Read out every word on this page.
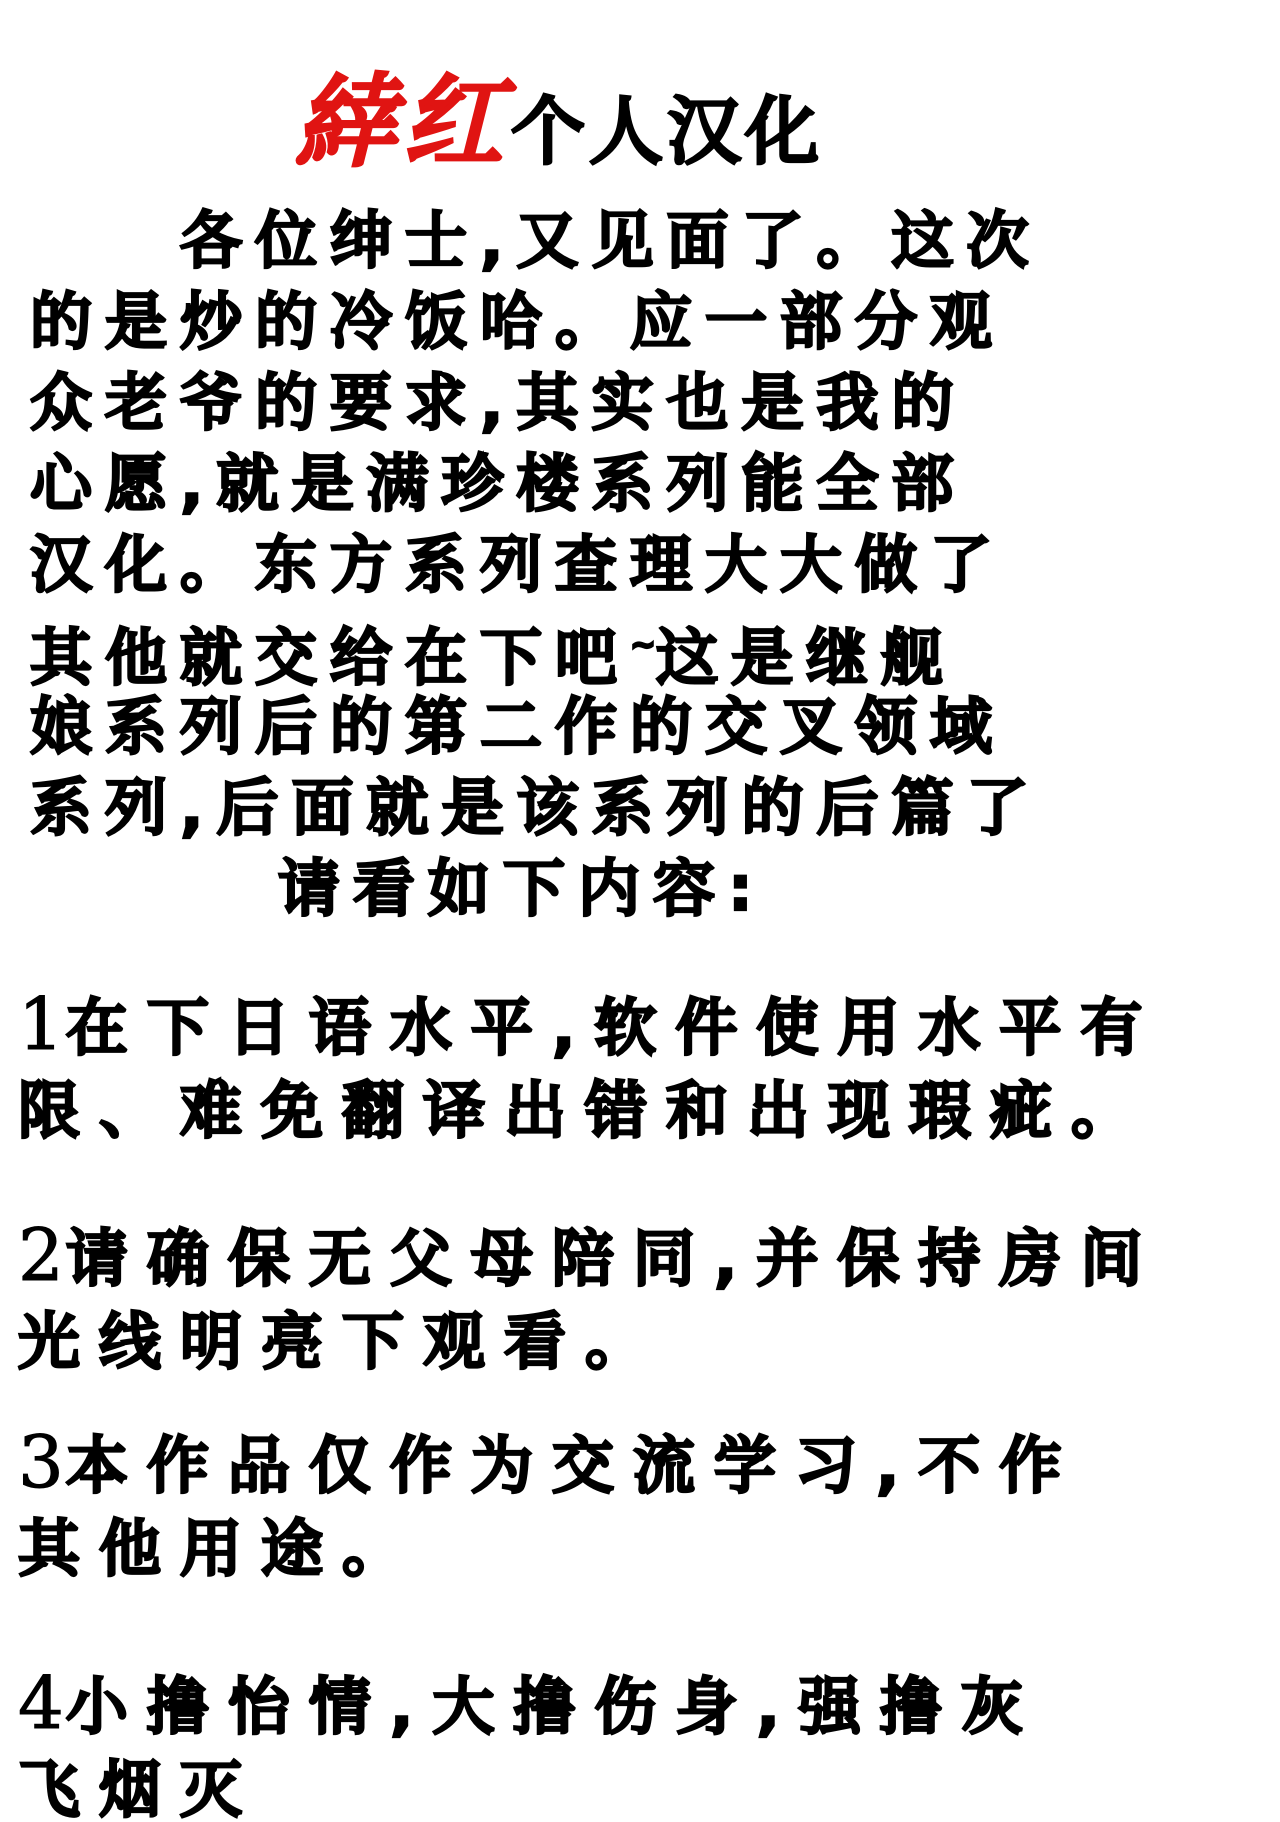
緈红 个人汉化
各位绅士,又见面了。这次
的是炒的冷饭哈。应一部分观
众老爷的要求,其实也是我的
心愿,就是满珍楼系列能全部
汉化。东方系列查理大大做了
其他就交给在下吧~这是继舰
娘系列后的第二作的交叉领域
系列,后面就是该系列的后篇了
请看如下内容:
1在下日语水平,软件使用水平有
限、难免翻译出错和出现瑕疵。
2请确保无父母陪同,并保持房间
光线明亮下观看。
3本作品仅作为交流学习,不作
其他用途。
4小撸怡情,大撸伤身,强撸灰
飞烟灭
